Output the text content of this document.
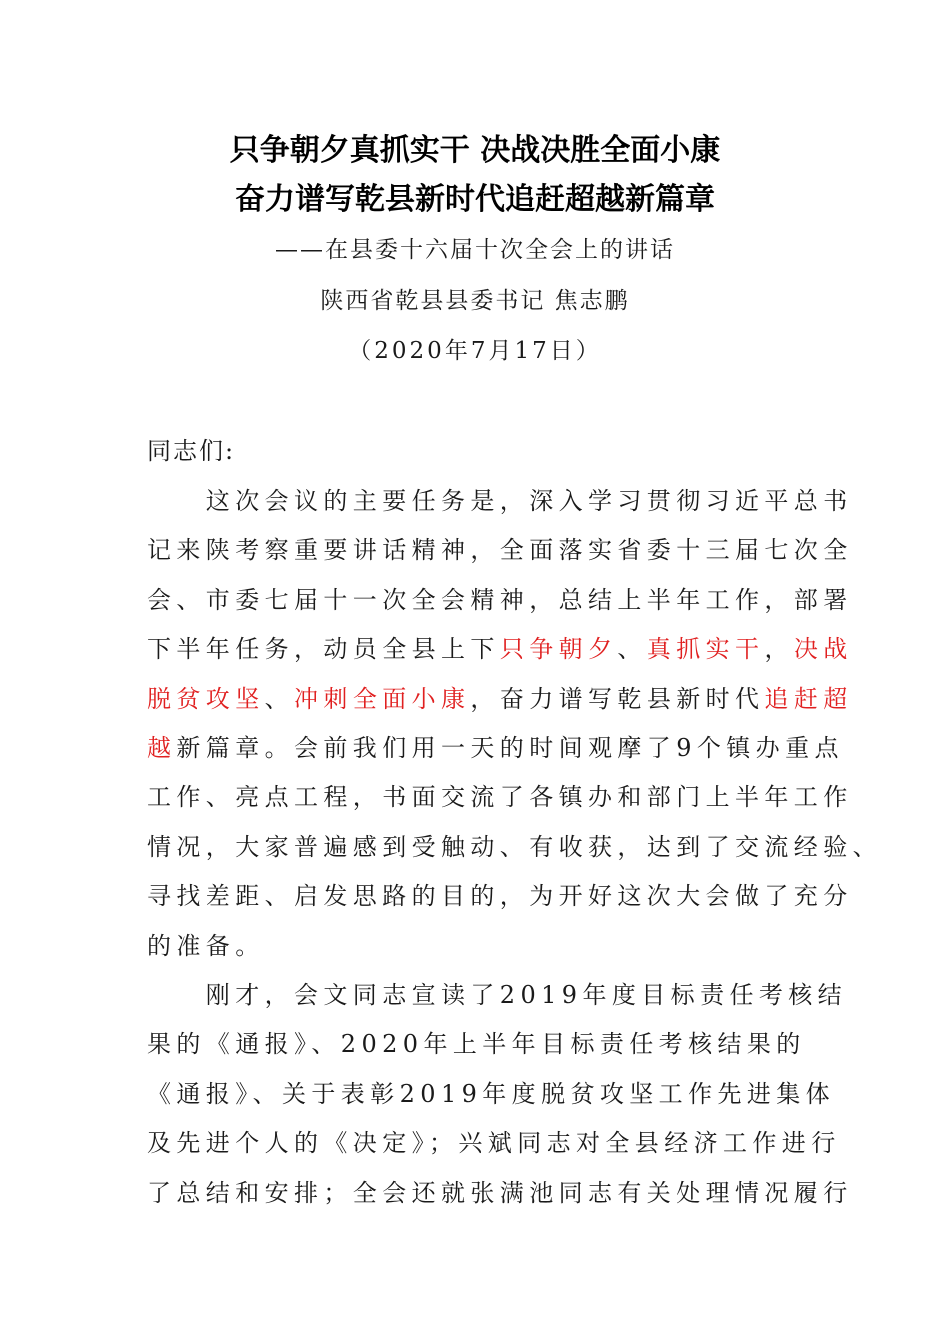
只争朝夕真抓实干 决战决胜全面小康
奋力谱写乾县新时代追赶超越新篇章
——在县委十六届十次全会上的讲话
陕西省乾县县委书记 焦志鹏
（2020年7月17日）
同志们:
　　这次会议的主要任务是，深入学习贯彻习近平总书
记来陕考察重要讲话精神，全面落实省委十三届七次全
会、市委七届十一次全会精神，总结上半年工作，部署
下半年任务，动员全县上下只争朝夕、真抓实干，决战
脱贫攻坚、冲刺全面小康，奋力谱写乾县新时代追赶超
越新篇章。会前我们用一天的时间观摩了9个镇办重点
工作、亮点工程，书面交流了各镇办和部门上半年工作
情况，大家普遍感到受触动、有收获，达到了交流经验、
寻找差距、启发思路的目的，为开好这次大会做了充分
的准备。
　　刚才，会文同志宣读了2019年度目标责任考核结
果的《通报》、2020年上半年目标责任考核结果的
《通报》、关于表彰2019年度脱贫攻坚工作先进集体
及先进个人的《决定》；兴斌同志对全县经济工作进行
了总结和安排；全会还就张满池同志有关处理情况履行
